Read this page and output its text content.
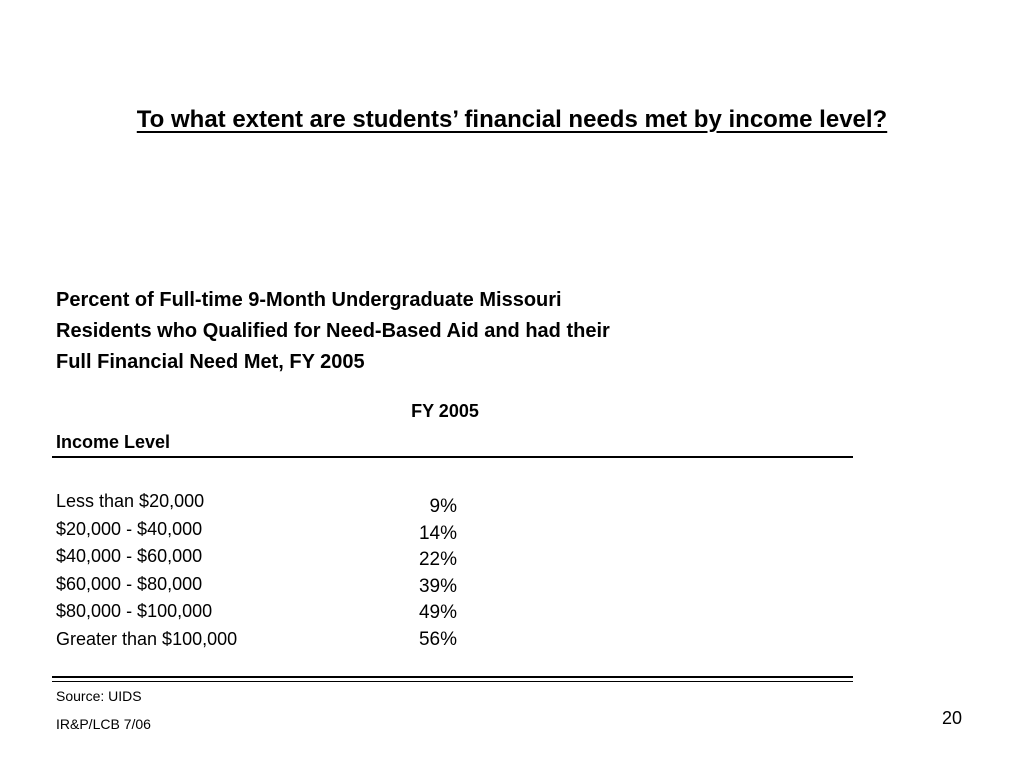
To what extent are students’ financial needs met by income level?
Percent of Full-time 9-Month Undergraduate Missouri
Residents who Qualified for Need-Based Aid and had their
Full Financial Need Met, FY 2005
FY 2005
Income Level
Less than $20,000
$20,000 - $40,000
$40,000 - $60,000
$60,000 - $80,000
$80,000 - $100,000
Greater than $100,000
9%
14%
22%
39%
49%
56%
Source: UIDS
IR&P/LCB 7/06	20
